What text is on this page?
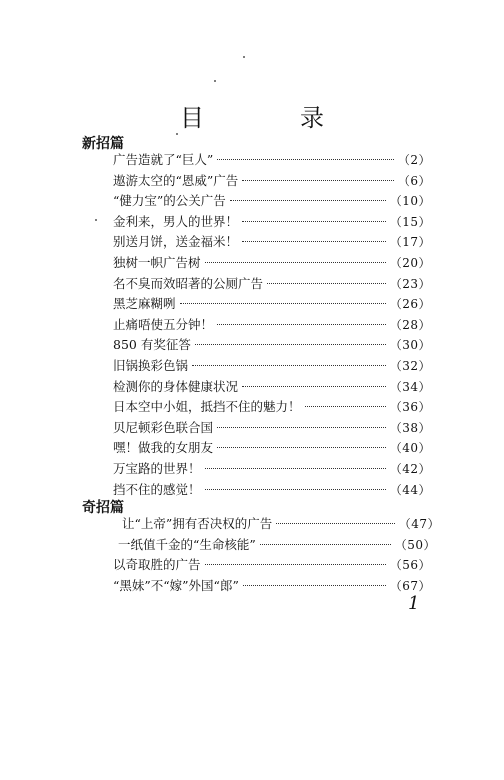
目　录
新招篇
广告造就了“巨人”	（2）
遨游太空的“恩威”广告	（6）
“健力宝”的公关广告	（10）
金利来，男人的世界！	（15）
别送月饼，送金福米！	（17）
独树一帜广告树	（20）
名不臭而效昭著的公厕广告	（23）
黑芝麻糊咧	（26）
止痛唔使五分钟！	（28）
850 有奖征答	（30）
旧锅换彩色锅	（32）
检测你的身体健康状况	（34）
日本空中小姐，抵挡不住的魅力！	（36）
贝尼顿彩色联合国	（38）
嘿！做我的女朋友	（40）
万宝路的世界！	（42）
挡不住的感觉！	（44）
奇招篇
让“上帝”拥有否决权的广告	（47）
一纸值千金的“生命核能”	（50）
以奇取胜的广告	（56）
“黑妹”不“嫁”外国“郎”	（67）
1
